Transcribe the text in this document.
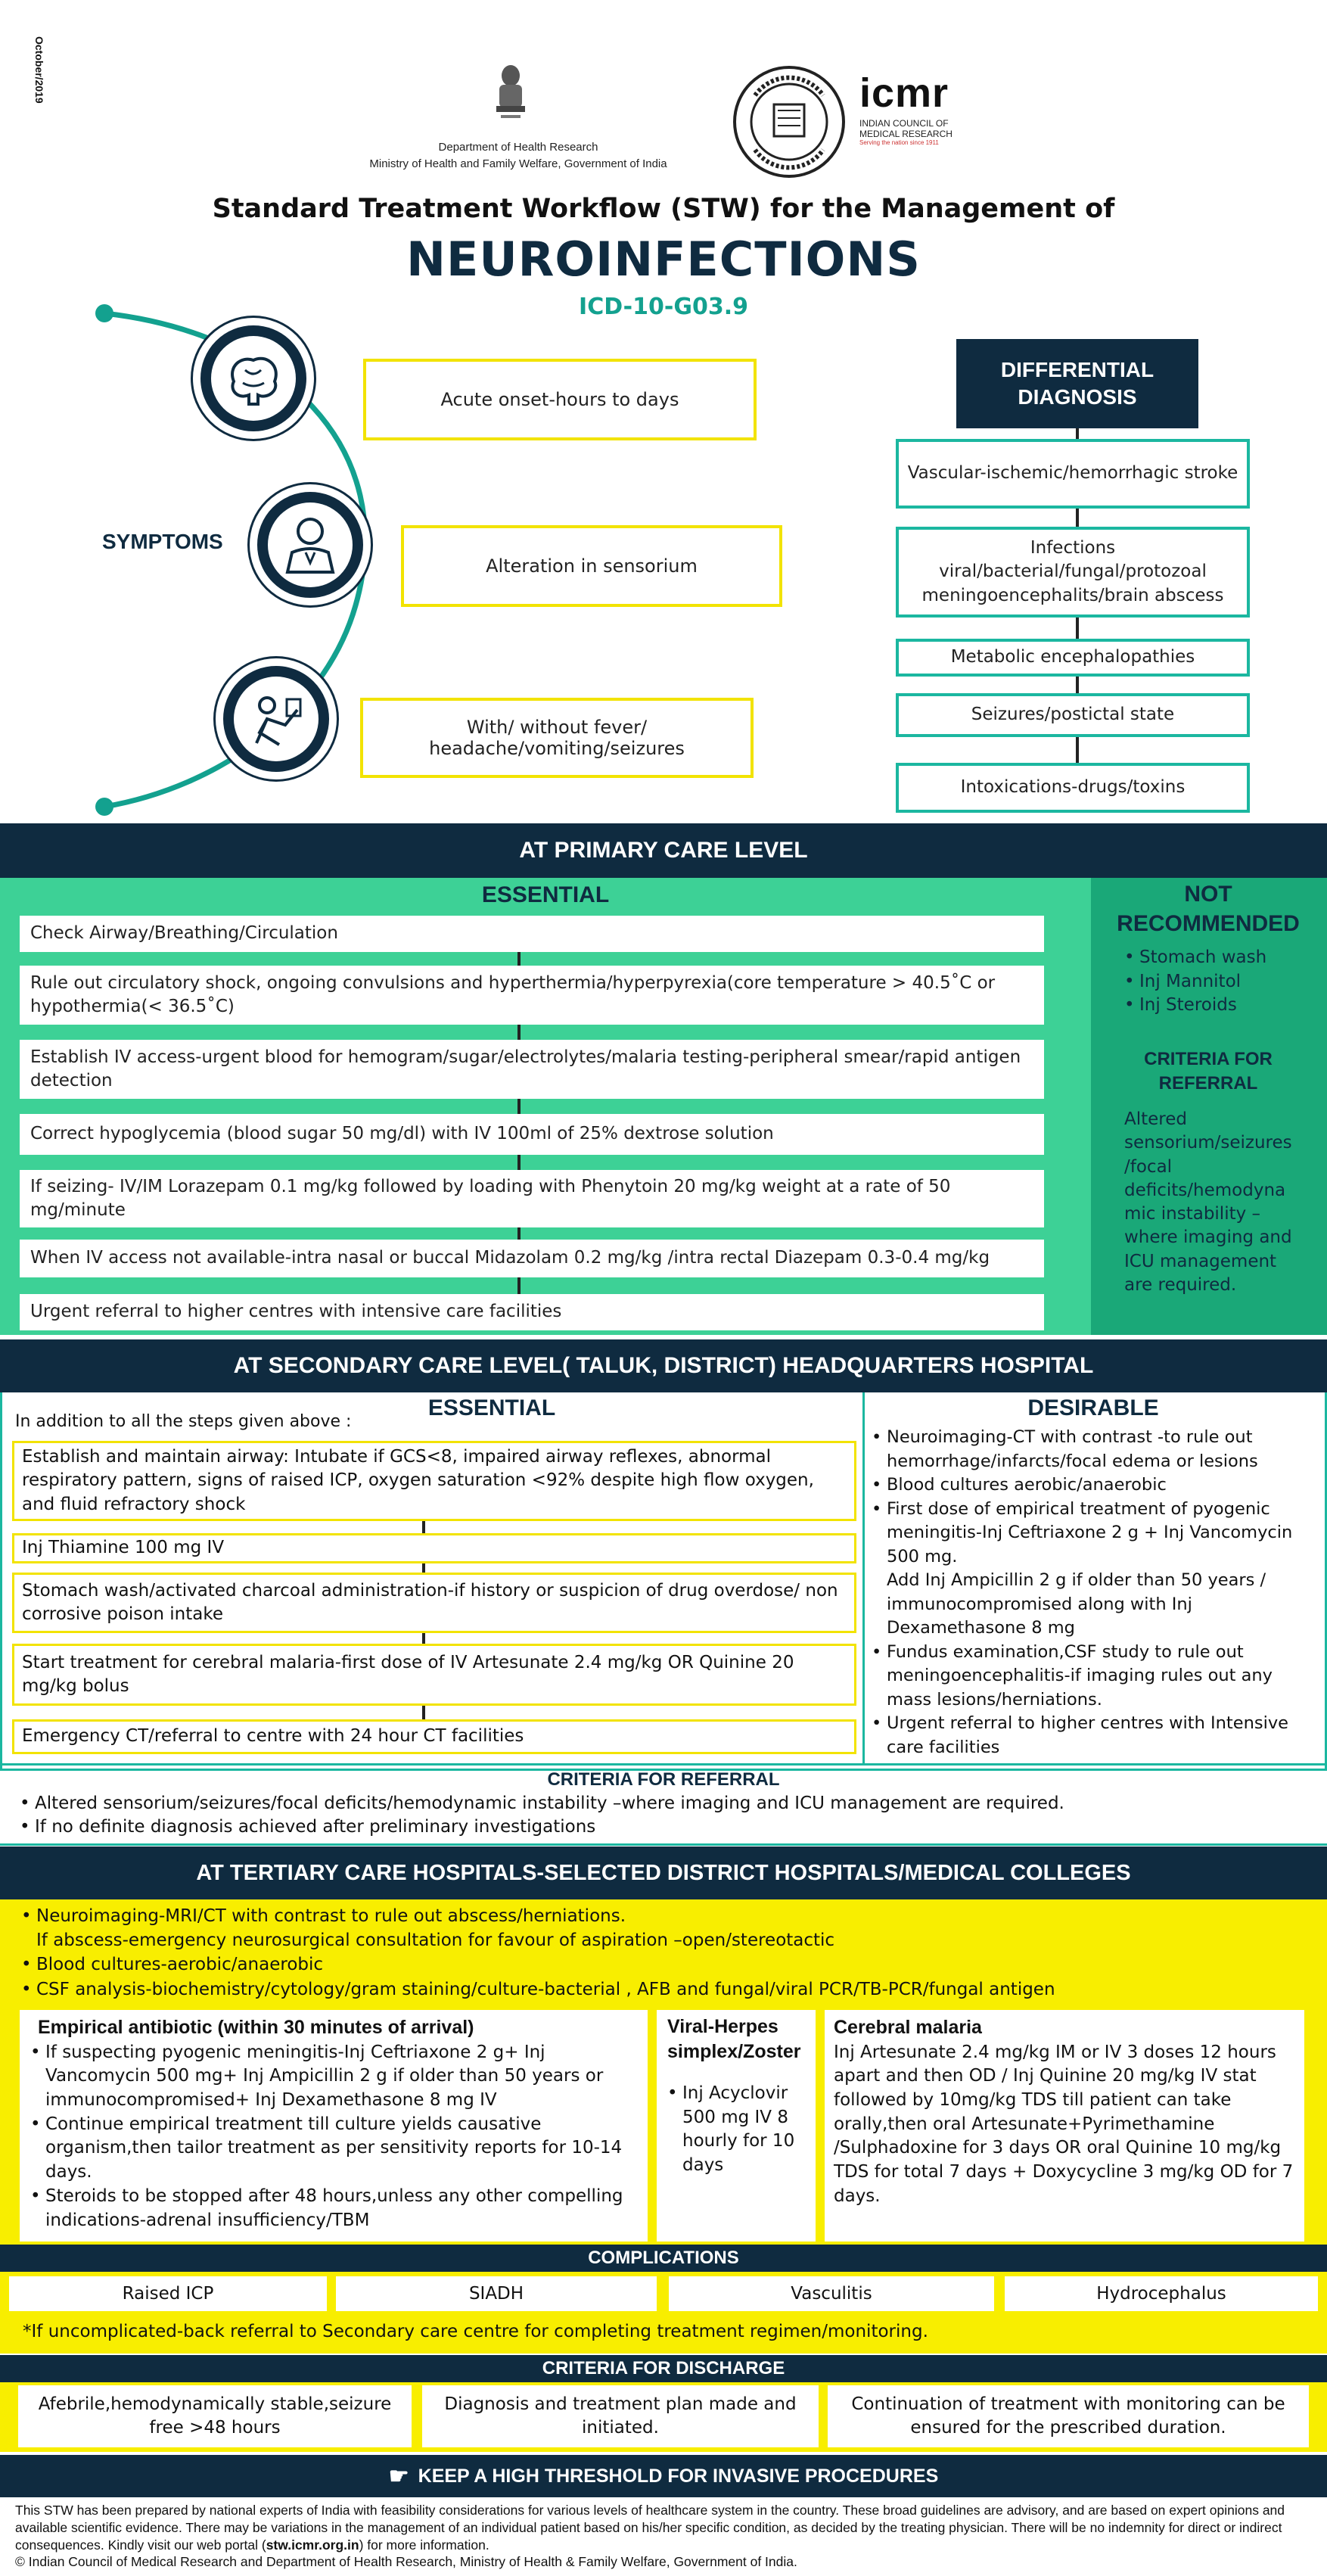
October/2019
Department of Health Research
Ministry of Health and Family Welfare, Government of India
icmr
INDIAN COUNCIL OF
MEDICAL RESEARCH
Serving the nation since 1911
Standard Treatment Workflow (STW) for the Management of
NEUROINFECTIONS
ICD-10-G03.9
SYMPTOMS
Acute onset-hours to days
Alteration in sensorium
With/ without fever/ headache/vomiting/seizures
DIFFERENTIAL DIAGNOSIS
Vascular-ischemic/hemorrhagic stroke
Infections viral/bacterial/fungal/protozoal meningoencephalits/brain abscess
Metabolic encephalopathies
Seizures/postictal state
Intoxications-drugs/toxins
AT PRIMARY CARE LEVEL
ESSENTIAL
Check Airway/Breathing/Circulation
Rule out circulatory shock, ongoing convulsions and hyperthermia/hyperpyrexia(core temperature > 40.5˚C or hypothermia(< 36.5˚C)
Establish IV access-urgent blood for hemogram/sugar/electrolytes/malaria testing-peripheral smear/rapid antigen detection
Correct hypoglycemia (blood sugar 50 mg/dl) with IV 100ml of 25% dextrose solution
If seizing- IV/IM Lorazepam 0.1 mg/kg followed by loading with Phenytoin 20 mg/kg weight at a rate of 50 mg/minute
When IV access not available-intra nasal or buccal Midazolam 0.2 mg/kg /intra rectal Diazepam 0.3-0.4 mg/kg
Urgent referral to higher centres with intensive care facilities
NOT RECOMMENDED
• Stomach wash
• Inj Mannitol
• Inj Steroids
CRITERIA FOR REFERRAL
Altered sensorium/seizures /focal deficits/hemodyna mic instability –where imaging and ICU management are required.
AT SECONDARY CARE LEVEL( TALUK, DISTRICT) HEADQUARTERS HOSPITAL
In addition to all the steps given above :
ESSENTIAL
Establish and maintain airway: Intubate if GCS<8, impaired airway reflexes, abnormal respiratory pattern, signs of raised ICP, oxygen saturation <92% despite high flow oxygen, and fluid refractory shock
Inj Thiamine 100 mg IV
Stomach wash/activated charcoal administration-if history or suspicion of drug overdose/ non corrosive poison intake
Start treatment for cerebral malaria-first dose of IV Artesunate 2.4 mg/kg OR Quinine 20 mg/kg bolus
Emergency CT/referral to centre with 24 hour CT facilities
DESIRABLE
• Neuroimaging-CT with contrast -to rule out hemorrhage/infarcts/focal edema or lesions
• Blood cultures aerobic/anaerobic
• First dose of empirical treatment of pyogenic meningitis-Inj Ceftriaxone 2 g + Inj Vancomycin 500 mg.
Add Inj Ampicillin 2 g if older than 50 years / immunocompromised along with Inj Dexamethasone 8 mg
• Fundus examination,CSF study to rule out meningoencephalitis-if imaging rules out any mass lesions/herniations.
• Urgent referral to higher centres with Intensive care facilities
CRITERIA FOR REFERRAL
• Altered sensorium/seizures/focal deficits/hemodynamic instability –where imaging and ICU management are required.
• If no definite diagnosis achieved after preliminary investigations
AT TERTIARY CARE HOSPITALS-SELECTED DISTRICT HOSPITALS/MEDICAL COLLEGES
• Neuroimaging-MRI/CT with contrast to rule out abscess/herniations.
If abscess-emergency neurosurgical consultation for favour of aspiration –open/stereotactic
• Blood cultures-aerobic/anaerobic
• CSF analysis-biochemistry/cytology/gram staining/culture-bacterial , AFB and fungal/viral PCR/TB-PCR/fungal antigen
Empirical antibiotic (within 30 minutes of arrival)
• If suspecting pyogenic meningitis-Inj Ceftriaxone 2 g+ Inj Vancomycin 500 mg+ Inj Ampicillin 2 g if older than 50 years or immunocompromised+ Inj Dexamethasone 8 mg IV
• Continue empirical treatment till culture yields causative organism,then tailor treatment as per sensitivity reports for 10-14 days.
• Steroids to be stopped after 48 hours,unless any other compelling indications-adrenal insufficiency/TBM
Viral-Herpes simplex/Zoster
• Inj Acyclovir 500 mg IV 8 hourly for 10 days
Cerebral malaria
Inj Artesunate 2.4 mg/kg IM or IV 3 doses 12 hours apart and then OD / Inj Quinine 20 mg/kg IV stat followed by 10mg/kg TDS till patient can take orally,then oral Artesunate+Pyrimethamine /Sulphadoxine for 3 days OR oral Quinine 10 mg/kg TDS for total 7 days + Doxycycline 3 mg/kg OD for 7 days.
COMPLICATIONS
Raised ICP	SIADH	Vasculitis	Hydrocephalus
*If uncomplicated-back referral to Secondary care centre for completing treatment regimen/monitoring.
CRITERIA FOR DISCHARGE
Afebrile,hemodynamically stable,seizure free >48 hours
Diagnosis and treatment plan made and initiated.
Continuation of treatment with monitoring can be ensured for the prescribed duration.
☛ KEEP A HIGH THRESHOLD FOR INVASIVE PROCEDURES
This STW has been prepared by national experts of India with feasibility considerations for various levels of healthcare system in the country. These broad guidelines are advisory, and are based on expert opinions and available scientific evidence. There may be variations in the management of an individual patient based on his/her specific condition, as decided by the treating physician. There will be no indemnity for direct or indirect consequences. Kindly visit our web portal (stw.icmr.org.in) for more information.
© Indian Council of Medical Research and Department of Health Research, Ministry of Health & Family Welfare, Government of India.
